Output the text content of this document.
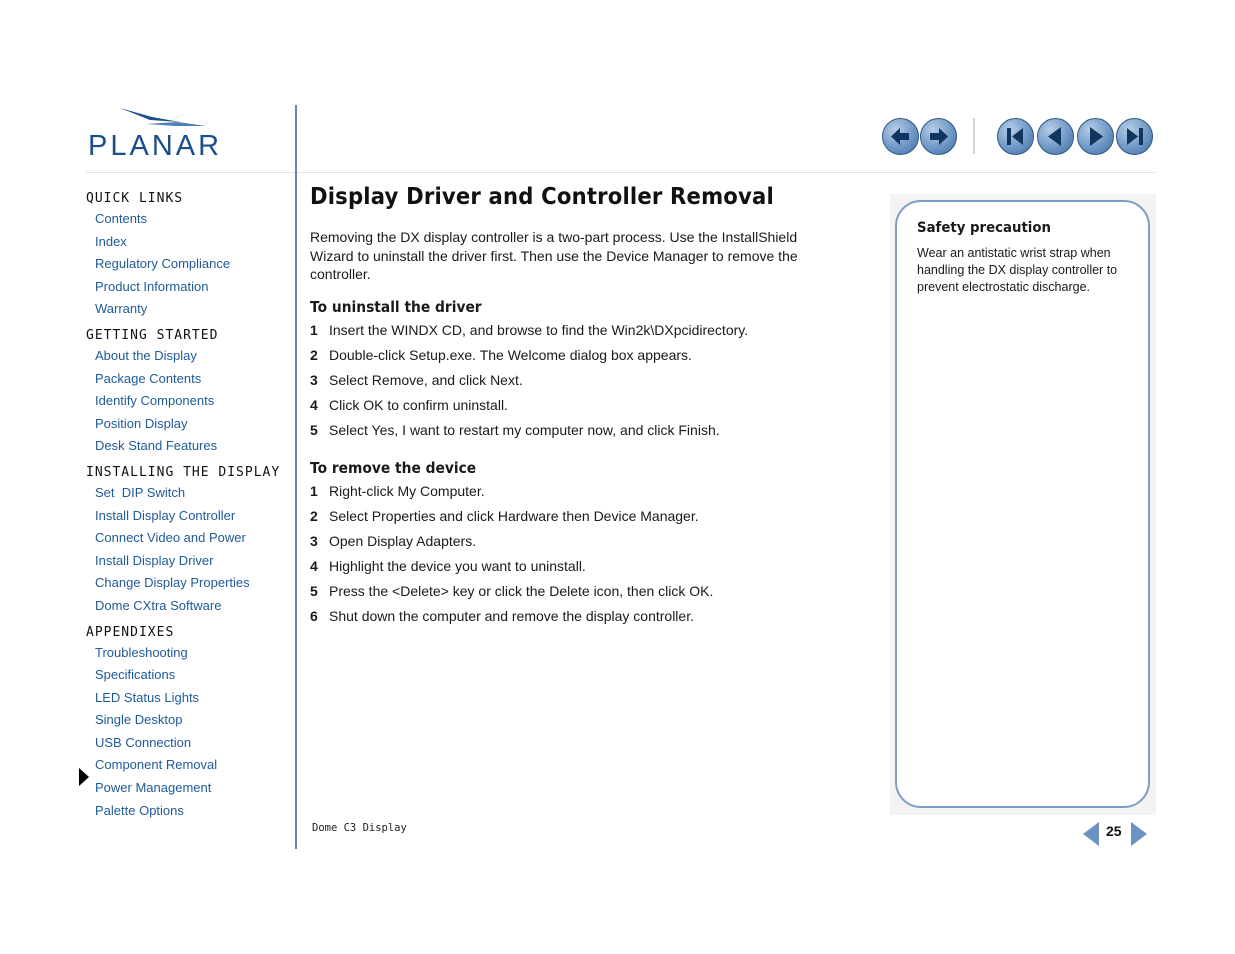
PLANAR
QUICK LINKS
Contents
Index
Regulatory Compliance
Product Information
Warranty
GETTING STARTED
About the Display
Package Contents
Identify Components
Position Display
Desk Stand Features
INSTALLING THE DISPLAY
Set  DIP Switch
Install Display Controller
Connect Video and Power
Install Display Driver
Change Display Properties
Dome CXtra Software
APPENDIXES
Troubleshooting
Specifications
LED Status Lights
Single Desktop
USB Connection
Component Removal
Power Management
Palette Options
Display Driver and Controller Removal

Removing the DX display controller is a two-part process. Use the InstallShield Wizard to uninstall the driver first. Then use the Device Manager to remove the controller.

To uninstall the driver
1 Insert the WINDX CD, and browse to find the Win2k\DXpcidirectory.
2 Double-click Setup.exe. The Welcome dialog box appears.
3 Select Remove, and click Next.
4 Click OK to confirm uninstall.
5 Select Yes, I want to restart my computer now, and click Finish.
To remove the device
1 Right-click My Computer.
2 Select Properties and click Hardware then Device Manager.
3 Open Display Adapters.
4 Highlight the device you want to uninstall.
5 Press the <Delete> key or click the Delete icon, then click OK.
6 Shut down the computer and remove the display controller.
Safety precaution
Wear an antistatic wrist strap when handling the DX display controller to prevent electrostatic discharge.
Dome C3 Display	25
